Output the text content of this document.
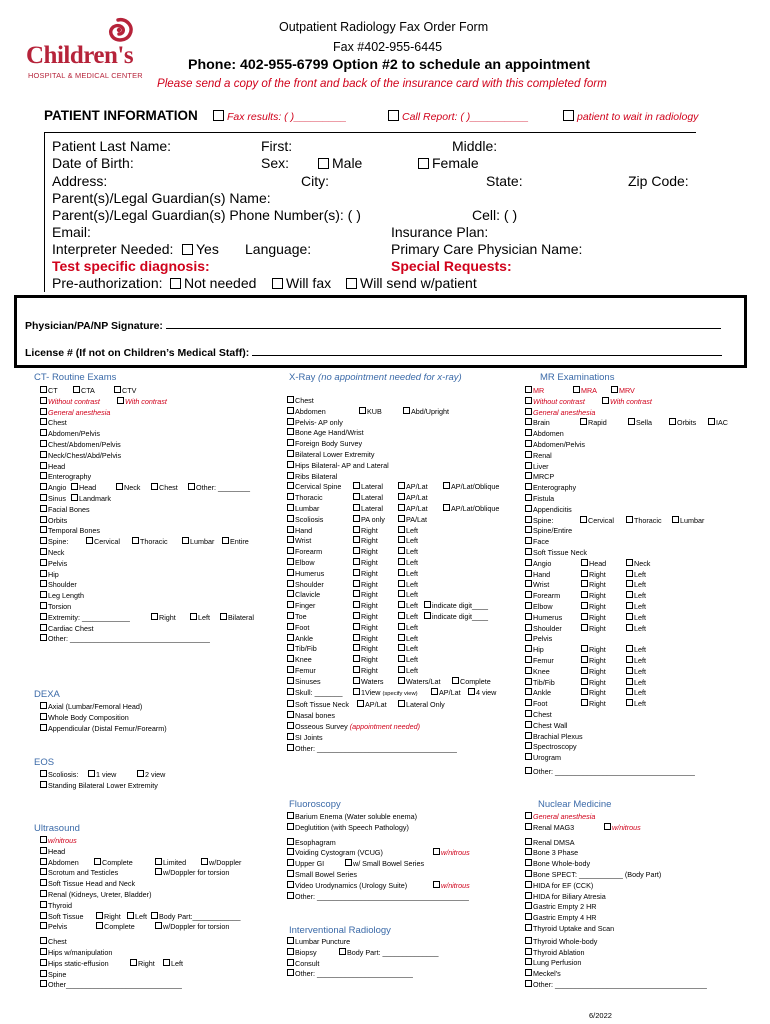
Children's
HOSPITAL & MEDICAL CENTER
Outpatient Radiology Fax Order Form
Fax #402-955-6445
Phone: 402-955-6799 Option #2 to schedule an appointment
Please send a copy of the front and back of the insurance card with this completed form
PATIENT INFORMATION	Fax results: ( )_________	Call Report: ( )__________	patient to wait in radiology
Patient Last Name:	First:	Middle:
Date of Birth:	Sex:	Male	Female
Address:	City:	State:	Zip Code:
Parent(s)/Legal Guardian(s) Name:
Parent(s)/Legal Guardian(s) Phone Number(s): ( )	Cell: ( )
Email:	Insurance Plan:
Interpreter Needed:	Yes Language:	Primary Care Physician Name:
Test specific diagnosis:	Special Requests:
Pre-authorization:	Not needed	Will fax	Will send w/patient
Physician/PA/NP Signature:
License # (If not on Children’s Medical Staff):
CT- Routine Exams
CT	CTA	CTV
Without contrast	With contrast
General anesthesia
Chest
Abdomen/Pelvis
Chest/Abdomen/Pelvis
Neck/Chest/Abd/Pelvis
Head
Enterography
Angio	Head	Neck	Chest	Other: ________
Sinus	Landmark
Facial Bones
Orbits
Temporal Bones
Spine:	Cervical	Thoracic	Lumbar	Entire
Neck
Pelvis
Hip
Shoulder
Leg Length
Torsion
Extremity: ____________	Right	Left	Bilateral
Cardiac Chest
Other: ___________________________________
DEXA
Axial (Lumbar/Femoral Head)
Whole Body Composition
Appendicular (Distal Femur/Forearm)
EOS
Scoliosis:	1 view	2 view
Standing Bilateral Lower Extremity
Ultrasound
w/nitrous
Head
Abdomen	Complete	Limited	w/Doppler
Scrotum and Testicles	w/Doppler for torsion
Soft Tissue Head and Neck
Renal (Kidneys, Ureter, Bladder)
Thyroid
Soft Tissue	Right	Left	Body Part:____________
Pelvis	Complete	w/Doppler for torsion
Chest
Hips w/manipulation
Hips static-effusion	Right	Left
Spine
Other_____________________________
X-Ray (no appointment needed for x-ray)
Chest
Abdomen	KUB	Abd/Upright
Pelvis- AP only
Bone Age Hand/Wrist
Foreign Body Survey
Bilateral Lower Extremity
Hips Bilateral- AP and Lateral
Ribs Bilateral
Cervical Spine	Lateral	AP/Lat	AP/Lat/Oblique
Thoracic	Lateral	AP/Lat
Lumbar	Lateral	AP/Lat	AP/Lat/Oblique
Scoliosis	PA only	PA/Lat
Hand	Right	Left
Wrist	Right	Left
Forearm	Right	Left
Elbow	Right	Left
Humerus	Right	Left
Shoulder	Right	Left
Clavicle	Right	Left
Finger	Right	Left	indicate digit____
Toe	Right	Left	indicate digit____
Foot	Right	Left
Ankle	Right	Left
Tib/Fib	Right	Left
Knee	Right	Left
Femur	Right	Left
Sinuses	Waters	Waters/Lat	Complete
Skull: _______	1View (specify view)	AP/Lat	4 view
Soft Tissue Neck	AP/Lat	Lateral Only
Nasal bones
Osseous Survey (appointment needed)
SI Joints
Other: ___________________________________
Fluoroscopy
Barium Enema (Water soluble enema)
Deglutition (with Speech Pathology)
Esophagram
Voiding Cystogram (VCUG)	w/nitrous
Upper GI	w/ Small Bowel Series
Small Bowel Series
Video Urodynamics (Urology Suite)	w/nitrous
Other: ______________________________________
Interventional Radiology
Lumbar Puncture
Biopsy	Body Part: ______________
Consult
Other: ________________________
MR Examinations
MR	MRA	MRV
Without contrast	With contrast
General anesthesia
Brain	Rapid	Sella	Orbits	IAC
Abdomen
Abdomen/Pelvis
Renal
Liver
MRCP
Enterography
Fistula
Appendicitis
Spine:	Cervical	Thoracic	Lumbar
Spine/Entire
Face
Soft Tissue Neck
Angio	Head	Neck
Hand	Right	Left
Wrist	Right	Left
Forearm	Right	Left
Elbow	Right	Left
Humerus	Right	Left
Shoulder	Right	Left
Pelvis
Hip	Right	Left
Femur	Right	Left
Knee	Right	Left
Tib/Fib	Right	Left
Ankle	Right	Left
Foot	Right	Left
Chest
Chest Wall
Brachial Plexus
Spectroscopy
Urogram
Other: ___________________________________
Nuclear Medicine
General anesthesia
Renal MAG3	w/nitrous
Renal DMSA
Bone 3 Phase
Bone Whole-body
Bone SPECT: ___________ (Body Part)
HIDA for EF (CCK)
HIDA for Biliary Atresia
Gastric Empty 2 HR
Gastric Empty 4 HR
Thyroid Uptake and Scan
Thyroid Whole-body
Thyroid Ablation
Lung Perfusion
Meckel's
Other: ______________________________________
6/2022
